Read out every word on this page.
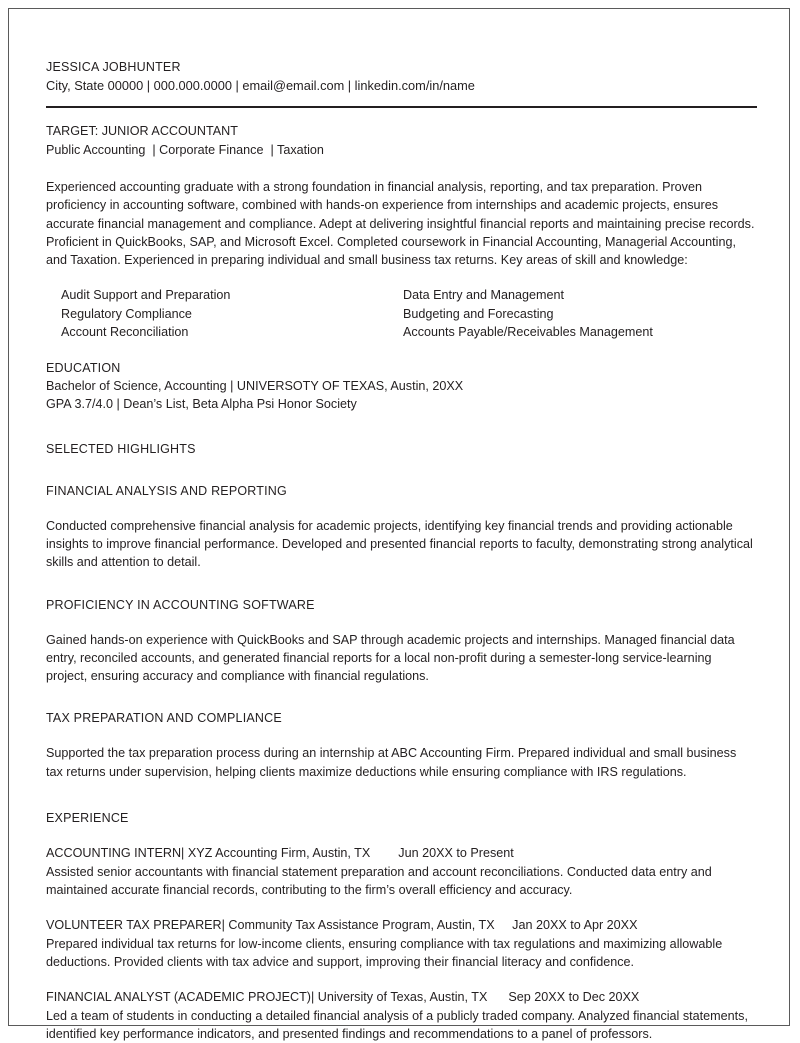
JESSICA JOBHUNTER
City, State 00000 | 000.000.0000 | email@email.com | linkedin.com/in/name
TARGET: JUNIOR ACCOUNTANT
Public Accounting  | Corporate Finance  | Taxation

Experienced accounting graduate with a strong foundation in financial analysis, reporting, and tax preparation. Proven proficiency in accounting software, combined with hands-on experience from internships and academic projects, ensures accurate financial management and compliance. Adept at delivering insightful financial reports and maintaining precise records.

Proficient in QuickBooks, SAP, and Microsoft Excel. Completed coursework in Financial Accounting, Managerial Accounting, and Taxation. Experienced in preparing individual and small business tax returns. Key areas of skill and knowledge:

Audit Support and Preparation
Regulatory Compliance
Account Reconciliation
Data Entry and Management
Budgeting and Forecasting
Accounts Payable/Receivables Management
EDUCATION
Bachelor of Science, Accounting | UNIVERSOTY OF TEXAS, Austin, 20XX
GPA 3.7/4.0 | Dean’s List, Beta Alpha Psi Honor Society
SELECTED HIGHLIGHTS
FINANCIAL ANALYSIS AND REPORTING
Conducted comprehensive financial analysis for academic projects, identifying key financial trends and providing actionable insights to improve financial performance. Developed and presented financial reports to faculty, demonstrating strong analytical skills and attention to detail.
PROFICIENCY IN ACCOUNTING SOFTWARE
Gained hands-on experience with QuickBooks and SAP through academic projects and internships. Managed financial data entry, reconciled accounts, and generated financial reports for a local non-profit during a semester-long service-learning project, ensuring accuracy and compliance with financial regulations.
TAX PREPARATION AND COMPLIANCE
Supported the tax preparation process during an internship at ABC Accounting Firm. Prepared individual and small business tax returns under supervision, helping clients maximize deductions while ensuring compliance with IRS regulations.
EXPERIENCE
ACCOUNTING INTERN| XYZ Accounting Firm, Austin, TX Jun 20XX to Present
Assisted senior accountants with financial statement preparation and account reconciliations. Conducted data entry and maintained accurate financial records, contributing to the firm’s overall efficiency and accuracy.
VOLUNTEER TAX PREPARER| Community Tax Assistance Program, Austin, TX Jan 20XX to Apr 20XX
Prepared individual tax returns for low-income clients, ensuring compliance with tax regulations and maximizing allowable deductions. Provided clients with tax advice and support, improving their financial literacy and confidence.
FINANCIAL ANALYST (ACADEMIC PROJECT)| University of Texas, Austin, TX Sep 20XX to Dec 20XX
Led a team of students in conducting a detailed financial analysis of a publicly traded company. Analyzed financial statements, identified key performance indicators, and presented findings and recommendations to a panel of professors.
